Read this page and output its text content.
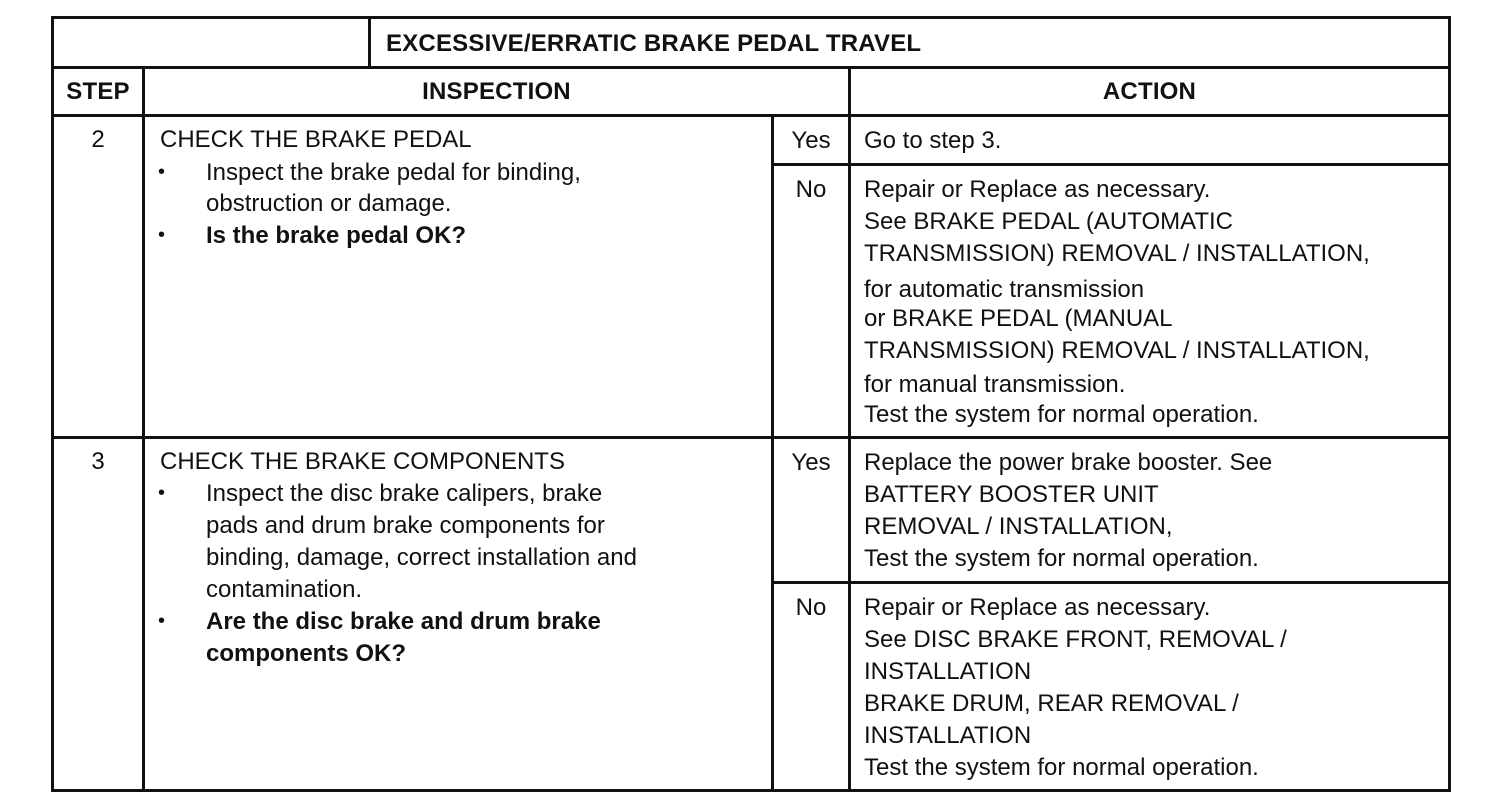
EXCESSIVE/ERRATIC BRAKE PEDAL TRAVEL
STEP	INSPECTION	ACTION
2	CHECK THE BRAKE PEDAL
• Inspect the brake pedal for binding,
obstruction or damage.
• Is the brake pedal OK?
Yes	Go to step 3.
No	Repair or Replace as necessary.
See BRAKE PEDAL (AUTOMATIC
TRANSMISSION) REMOVAL / INSTALLATION,
for automatic transmission
or BRAKE PEDAL (MANUAL
TRANSMISSION) REMOVAL / INSTALLATION,
for manual transmission.
Test the system for normal operation.
3	CHECK THE BRAKE COMPONENTS
• Inspect the disc brake calipers, brake
pads and drum brake components for
binding, damage, correct installation and
contamination.
• Are the disc brake and drum brake
components OK?
Yes	Replace the power brake booster. See
BATTERY BOOSTER UNIT
REMOVAL / INSTALLATION,
Test the system for normal operation.
No	Repair or Replace as necessary.
See DISC BRAKE FRONT, REMOVAL /
INSTALLATION
BRAKE DRUM, REAR REMOVAL /
INSTALLATION
Test the system for normal operation.
